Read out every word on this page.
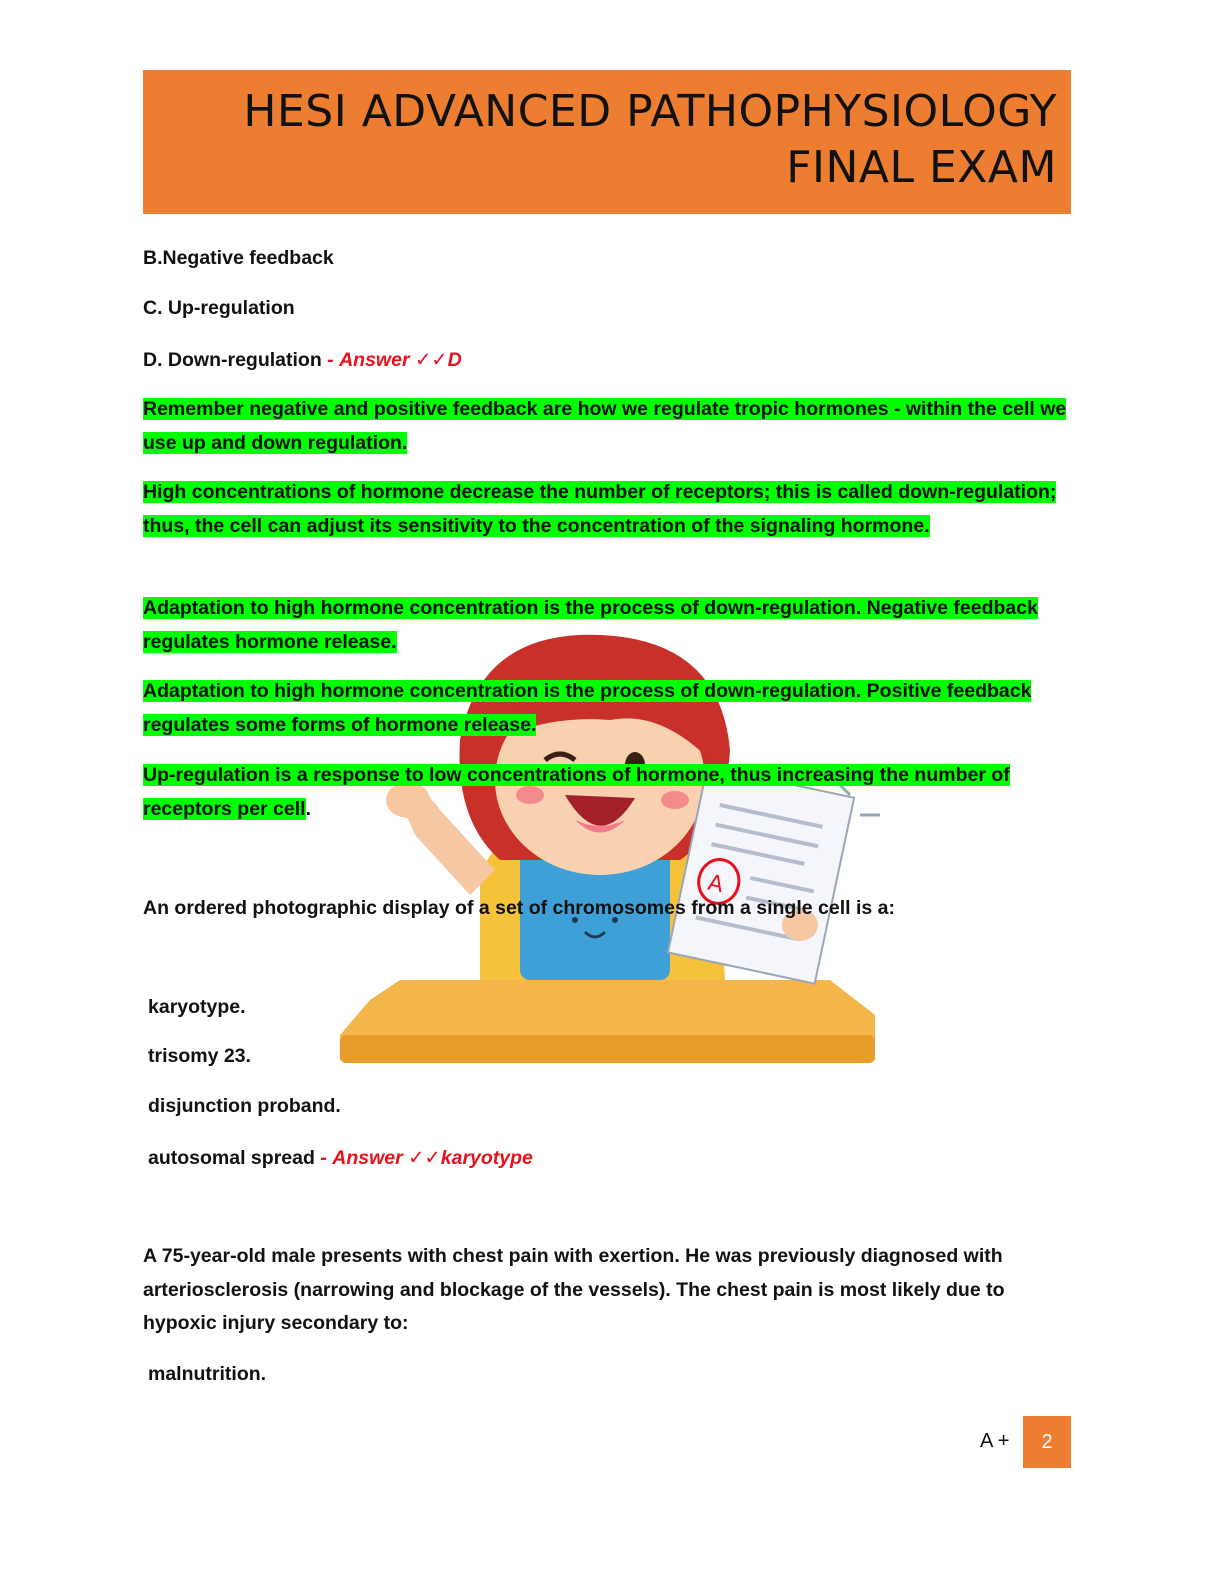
HESI ADVANCED PATHOPHYSIOLOGY
FINAL EXAM
A
B.Negative feedback
C. Up-regulation
D. Down-regulation - Answer ✓✓D
Remember negative and positive feedback are how we regulate tropic hormones - within the cell we use up and down regulation.
High concentrations of hormone decrease the number of receptors; this is called down-regulation; thus, the cell can adjust its sensitivity to the concentration of the signaling hormone.
Adaptation to high hormone concentration is the process of down-regulation. Negative feedback regulates hormone release.
Adaptation to high hormone concentration is the process of down-regulation. Positive feedback regulates some forms of hormone release.
Up-regulation is a response to low concentrations of hormone, thus increasing the number of receptors per cell.
An ordered photographic display of a set of chromosomes from a single cell is a:
karyotype.
trisomy 23.
disjunction proband.
autosomal spread - Answer ✓✓karyotype
A 75-year-old male presents with chest pain with exertion. He was previously diagnosed with arteriosclerosis (narrowing and blockage of the vessels). The chest pain is most likely due to hypoxic injury secondary to:
malnutrition.
A +	2
